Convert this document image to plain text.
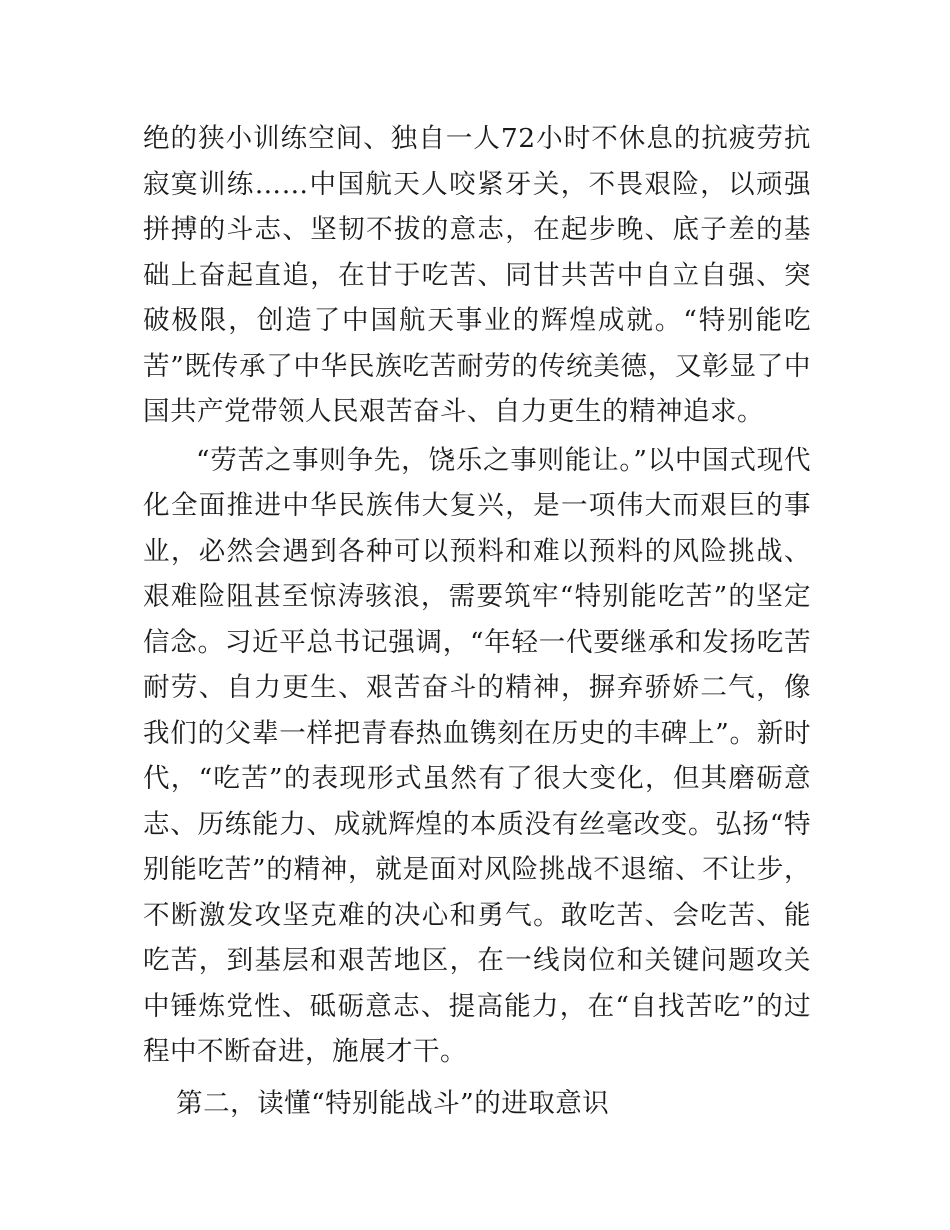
绝的狭小训练空间、独自一人72小时不休息的抗疲劳抗寂寞训练……中国航天人咬紧牙关，不畏艰险，以顽强拼搏的斗志、坚韧不拔的意志，在起步晚、底子差的基础上奋起直追，在甘于吃苦、同甘共苦中自立自强、突破极限，创造了中国航天事业的辉煌成就。“特别能吃苦”既传承了中华民族吃苦耐劳的传统美德，又彰显了中国共产党带领人民艰苦奋斗、自力更生的精神追求。

“劳苦之事则争先，饶乐之事则能让。”以中国式现代化全面推进中华民族伟大复兴，是一项伟大而艰巨的事业，必然会遇到各种可以预料和难以预料的风险挑战、艰难险阻甚至惊涛骇浪，需要筑牢“特别能吃苦”的坚定信念。习近平总书记强调，“年轻一代要继承和发扬吃苦耐劳、自力更生、艰苦奋斗的精神，摒弃骄娇二气，像我们的父辈一样把青春热血镌刻在历史的丰碑上”。新时代，“吃苦”的表现形式虽然有了很大变化，但其磨砺意志、历练能力、成就辉煌的本质没有丝毫改变。弘扬“特别能吃苦”的精神，就是面对风险挑战不退缩、不让步，不断激发攻坚克难的决心和勇气。敢吃苦、会吃苦、能吃苦，到基层和艰苦地区，在一线岗位和关键问题攻关中锤炼党性、砥砺意志、提高能力，在“自找苦吃”的过程中不断奋进，施展才干。

第二，读懂“特别能战斗”的进取意识
